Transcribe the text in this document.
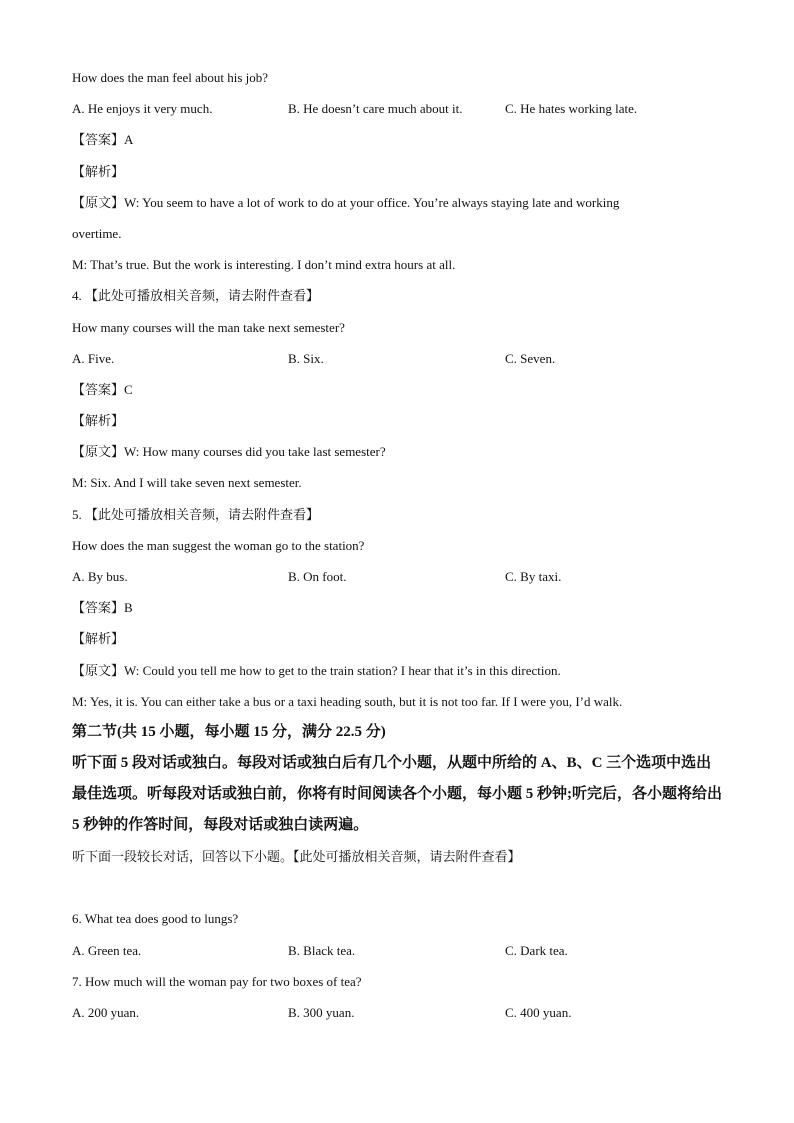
How does the man feel about his job?
A. He enjoys it very much.	B. He doesn’t care much about it.	C. He hates working late.
【答案】A
【解析】
【原文】W: You seem to have a lot of work to do at your office. You’re always staying late and working
overtime.
M: That’s true. But the work is interesting. I don’t mind extra hours at all.
4. 【此处可播放相关音频，请去附件查看】
How many courses will the man take next semester?
A. Five.	B. Six.	C. Seven.
【答案】C
【解析】
【原文】W: How many courses did you take last semester?
M: Six. And I will take seven next semester.
5. 【此处可播放相关音频，请去附件查看】
How does the man suggest the woman go to the station?
A. By bus.	B. On foot.	C. By taxi.
【答案】B
【解析】
【原文】W: Could you tell me how to get to the train station? I hear that it’s in this direction.
M: Yes, it is. You can either take a bus or a taxi heading south, but it is not too far. If I were you, I’d walk.
第二节(共 15 小题，每小题 15 分，满分 22.5 分)
听下面 5 段对话或独白。每段对话或独白后有几个小题，从题中所给的 A、B、C 三个选项中选出最佳选项。听每段对话或独白前，你将有时间阅读各个小题，每小题 5 秒钟;听完后，各小题将给出 5 秒钟的作答时间，每段对话或独白读两遍。
听下面一段较长对话，回答以下小题。【此处可播放相关音频，请去附件查看】
6. What tea does good to lungs?
A. Green tea.	B. Black tea.	C. Dark tea.
7. How much will the woman pay for two boxes of tea?
A. 200 yuan.	B. 300 yuan.	C. 400 yuan.
